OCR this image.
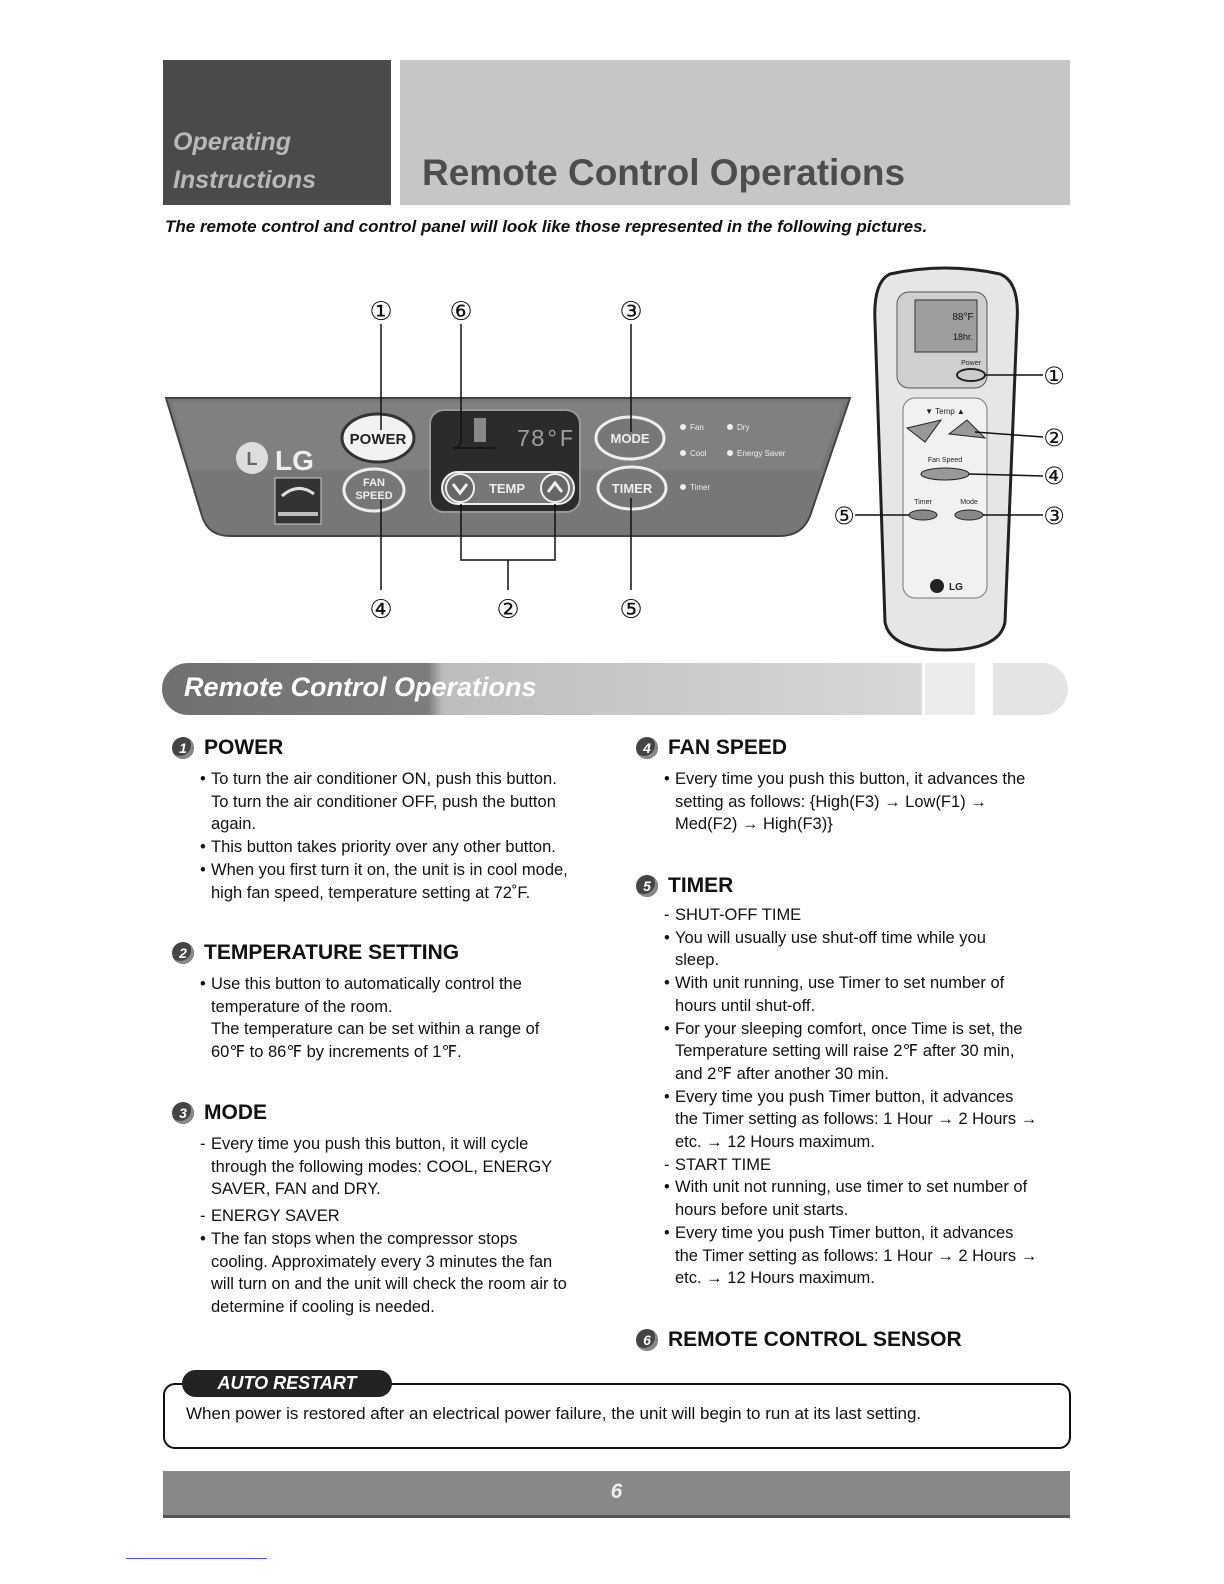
Operating
Instructions	Remote Control Operations
The remote control and control panel will look like those represented in the following pictures.
L LG
POWER
FAN
SPEED
78°F
TEMP
MODE
TIMER
Fan	Dry
Cool	Energy Saver
Timer
① ⑥	③
④	②	⑤
88°F
18hr.
Power
▼ Temp ▲
Fan Speed
Timer	Mode
LG
①
②
④
③
⑤
Remote Control Operations
1 POWER
• To turn the air conditioner ON, push this button.
To turn the air conditioner OFF, push the button
again.
• This button takes priority over any other button.
• When you first turn it on, the unit is in cool mode,
high fan speed, temperature setting at 72˚F.
2 TEMPERATURE SETTING
• Use this button to automatically control the
temperature of the room.
The temperature can be set within a range of
60℉ to 86℉ by increments of 1℉.
3 MODE
- Every time you push this button, it will cycle
through the following modes: COOL, ENERGY
SAVER, FAN and DRY.
- ENERGY SAVER
• The fan stops when the compressor stops
cooling. Approximately every 3 minutes the fan
will turn on and the unit will check the room air to
determine if cooling is needed.
4 FAN SPEED
• Every time you push this button, it advances the
setting as follows: {High(F3) → Low(F1) →
Med(F2) → High(F3)}
5 TIMER
- SHUT-OFF TIME
• You will usually use shut-off time while you
sleep.
• With unit running, use Timer to set number of
hours until shut-off.
• For your sleeping comfort, once Time is set, the
Temperature setting will raise 2℉ after 30 min,
and 2℉ after another 30 min.
• Every time you push Timer button, it advances
the Timer setting as follows: 1 Hour → 2 Hours →
etc. → 12 Hours maximum.
- START TIME
• With unit not running, use timer to set number of
hours before unit starts.
• Every time you push Timer button, it advances
the Timer setting as follows: 1 Hour → 2 Hours →
etc. → 12 Hours maximum.
6 REMOTE CONTROL SENSOR
AUTO RESTART
When power is restored after an electrical power failure, the unit will begin to run at its last setting.
6
